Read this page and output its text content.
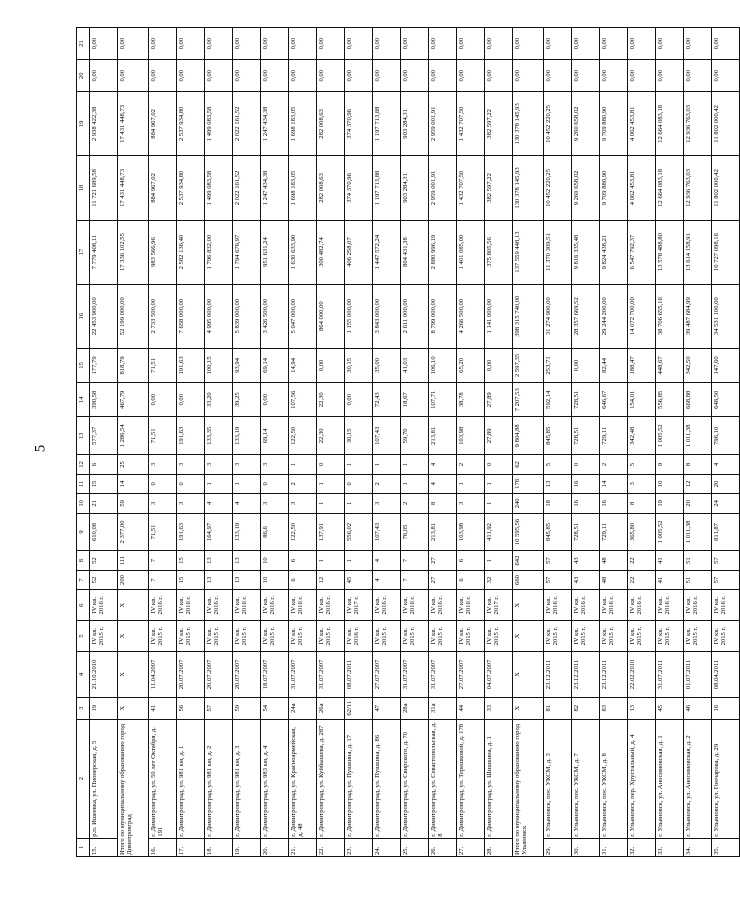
5
1	2	3	4	5	6	7	8	9	10	11	12	13	14	15	16	17	18	19	20	21
15.	р.п. Ишеевка, ул. Пионерская, д. 5	19	21.10.2010	IV кв. 2015 г.	IV кв. 2016 г.	52	52	610,08	21	15	6	577,37	390,58	177,79	22 453 900,00	7 779 408,11	11 721 689,58	2 938 422,38	0,00	0,00
Итого по муниципальному образованию город Димитровград		Х	Х	Х	Х	200	111	2 377,00	59	14	25	1 286,54	467,79	818,79	52 199 000,00	17 336 102,55	17 431 448,73	17 431 448,73	0,00	0,00
16.	г. Димитровград, ул. 50 лет Октября, д. 191	41	11.04.2007	IV кв. 2015 г.	IV кв. 2016 г.	7	7	71,51	3	0	3	71,51	0,00	71,51	2 733 500,00	983 566,96	884 967,02	884 967,02	0,00	0,00
17.	г. Димитровград, ул. 981 км, д. 1	56	20.07.2007	IV кв. 2015 г.	IV кв. 2016 г.	15	15	191,63	3	0	3	191,63	0,00	191,63	7 658 000,00	2 582 136,40	2 537 934,80	2 537 934,80	0,00	0,00
18.	г. Димитровград, ул. 981 км, д. 2	57	20.07.2007	IV кв. 2015 г.	IV кв. 2016 г.	13	13	164,97	4	1	3	133,35	33,20	100,15	4 995 000,00	1 796 832,00	1 499 083,58	1 499 083,58	0,00	0,00
19.	г. Димитровград, ул. 981 км, д. 3	59	20.07.2007	IV кв. 2015 г.	IV кв. 2016 г.	13	13	133,19	4	1	3	133,19	39,25	93,94	5 839 000,00	1 794 676,97	2 022 161,52	2 022 161,52	0,00	0,00
20.	г. Димитровград, ул. 983 км, д. 4	54	18.07.2007	IV кв. 2015 г.	IV кв. 2016 г.	10	10	86,6	3	0	3	69,14	0,00	69,14	3 426 500,00	951 631,24	1 247 434,38	1 247 434,38	0,00	0,00
21.	г. Димитровград, ул. Красноармейская, д. 48	24а	31.07.2007	IV кв. 2015 г.	IV кв. 2016 г.	6	6	122,50	3	2	1	122,50	107,56	14,94	5 047 000,00	1 630 633,90	1 698 183,05	1 698 183,05	0,00	0,00
22.	г. Димитровград, ул. Куйбышева, д. 287	26а	31.07.2007	IV кв. 2015 г.	IV кв. 2016 г.	12	1	137,91	1	1	0	22,30	22,30	0,00	864 000,00	300 482,74	282 008,63	282 008,63	0,00	0,00
23.	г. Димитровград, ул. Пушкина, д. 17	62/11	08.07.2011	IV кв. 2016 г.	IV кв. 2017 г.	45	1	556,02	1	0	1	30,15	0,00	30,15	1 155 000,00	406 258,07	374 370,96	374 370,96	0,00	0,00
24.	г. Димитровград, ул. Пушкина, д. 86	47	27.07.2007	IV кв. 2015 г.	IV кв. 2016 г.	4	4	107,43	3	2	1	107,43	72,43	35,00	3 843 000,00	1 447 572,24	1 197 713,88	1 197 713,88	0,00	0,00
25.	г. Димитровград, ул. Свирского, д. 70	28а	31.07.2007	IV кв. 2015 г.	IV кв. 2016 г.	7	7	76,05	2	1	1	59,70	18,67	41,03	2 611 000,00	804 431,38	903 284,31	903 284,31	0,00	0,00
26.	г. Димитровград, ул. Севастопольская, д. 8	31а	31.07.2007	IV кв. 2015 г.	IV кв. 2016 г.	27	27	213,81	8	4	4	213,81	107,71	106,10	8 799 000,00	2 880 996,19	2 959 001,91	2 959 001,91	0,00	0,00
27.	г. Димитровград, ул. Терешковой, д. 178	44	27.07.2007	IV кв. 2015 г.	IV кв. 2016 г.	6	6	103,98	3	1	2	103,98	38,78	65,20	4 266 500,00	1 401 085,00	1 432 707,50	1 432 707,50	0,00	0,00
28.	г. Димитровград, ул. Шишкина, д. 1	33	04.07.2007	IV кв. 2015 г.	IV кв. 2017 г.	32	1	411,92	1	1	0	27,89	27,89	0,00	1 141 000,00	375 805,56	382 597,22	382 597,22	0,00	0,00
Итого по муниципальному образованию город Ульяновск		Х	Х	Х	Х	660	642	10 595,56	240	178	62	9 804,88	7 207,53	2 597,35	398 315 740,00	137 559 448,13	130 378 145,93	130 378 145,93	0,00	0,00
29.	г. Ульяновск, пос. УКСМ, д. 3	81	23.12.2011	IV кв. 2015 г.	IV кв. 2016 г.	57	57	845,85	18	13	5	845,85	592,14	253,71	31 274 900,00	11 370 309,51	10 452 220,25	10 452 220,25	0,00	0,00
30.	г. Ульяновск, пос. УКСМ, д. 7	82	23.12.2011	IV кв. 2015 г.	IV кв. 2016 г.	43	43	728,51	16	16	0	728,51	728,51	0,00	28 357 669,52	9 816 335,48	9 260 658,02	9 260 658,02	0,00	0,00
31.	г. Ульяновск, пос. УКСМ, д. 8	83	23.12.2011	IV кв. 2015 г.	IV кв. 2016 г.	48	48	729,11	16	14	2	729,11	646,67	82,44	29 244 200,00	9 824 438,21	9 709 880,90	9 709 880,90	0,00	0,00
32.	г. Ульяновск, пер. Хрустальный, д. 4	13	22.02.2010	IV кв. 2015 г.	IV кв. 2016 г.	22	22	365,80	8	3	5	342,48	154,01	188,47	14 072 700,00	6 547 792,37	4 062 453,81	4 062 453,81	0,00	0,00
33.	г. Ульяновск, ул. Аносимовская, д. 1	45	31.07.2011	IV кв. 2015 г.	IV кв. 2016 г.	41	41	1 005,52	19	10	9	1 005,52	556,85	448,67	38 706 655,16	13 578 488,80	12 664 083,18	12 664 083,18	0,00	0,00
34.	г. Ульяновск, ул. Аносимовская, д. 2	46	01.07.2011	IV кв. 2015 г.	IV кв. 2016 г.	51	51	1 011,38	20	12	8	1 011,38	668,88	342,50	39 487 684,99	13 614 158,91	12 936 763,03	12 936 763,03	0,00	0,00
35.	г. Ульяновск, ул. Гончарова, д. 29	16	08.04.2011	IV кв. 2015 г.	IV кв. 2016 г.	57	57	811,87	24	20	4	796,10	648,50	147,60	34 531 100,00	10 727 098,16	11 802 000,42	11 802 000,42	0,00	0,00
